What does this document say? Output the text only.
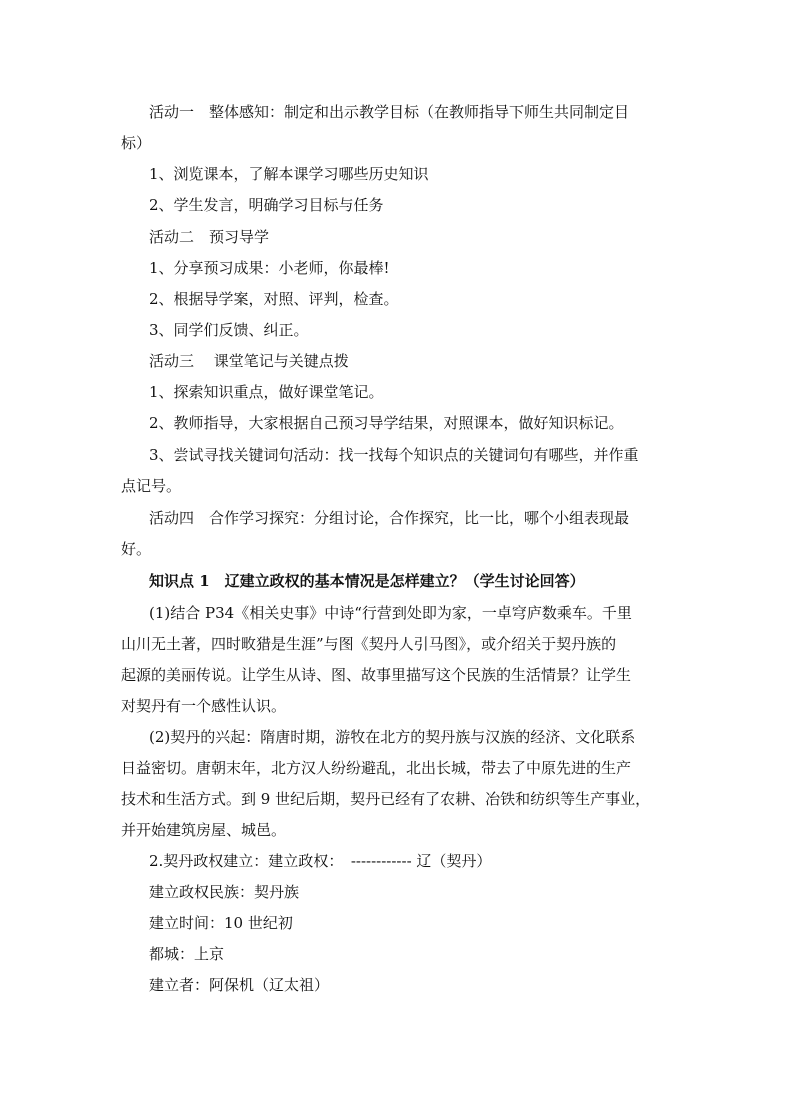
活动一　整体感知：制定和出示教学目标（在教师指导下师生共同制定目
标）
1、浏览课本，了解本课学习哪些历史知识
2、学生发言，明确学习目标与任务
活动二　预习导学
1、分享预习成果：小老师，你最棒!
2、根据导学案，对照、评判，检查。
3、同学们反馈、纠正。
活动三　 课堂笔记与关键点拨
1、探索知识重点，做好课堂笔记。
2、教师指导，大家根据自己预习导学结果，对照课本，做好知识标记。
3、尝试寻找关键词句活动：找一找每个知识点的关键词句有哪些，并作重
点记号。
活动四　合作学习探究：分组讨论，合作探究，比一比，哪个小组表现最
好。
知识点 1　辽建立政权的基本情况是怎样建立？（学生讨论回答）
(1)结合 P34《相关史事》中诗“行营到处即为家，一卓穹庐数乘车。千里
山川无土著，四时畋猎是生涯”与图《契丹人引马图》，或介绍关于契丹族的
起源的美丽传说。让学生从诗、图、故事里描写这个民族的生活情景？让学生
对契丹有一个感性认识。
(2)契丹的兴起：隋唐时期，游牧在北方的契丹族与汉族的经济、文化联系
日益密切。唐朝末年，北方汉人纷纷避乱，北出长城，带去了中原先进的生产
技术和生活方式。到 9 世纪后期，契丹已经有了农耕、冶铁和纺织等生产事业，
并开始建筑房屋、城邑。
2.契丹政权建立：建立政权：　------------ 辽（契丹）
建立政权民族：契丹族
建立时间：10 世纪初
都城：上京
建立者：阿保机（辽太祖）
